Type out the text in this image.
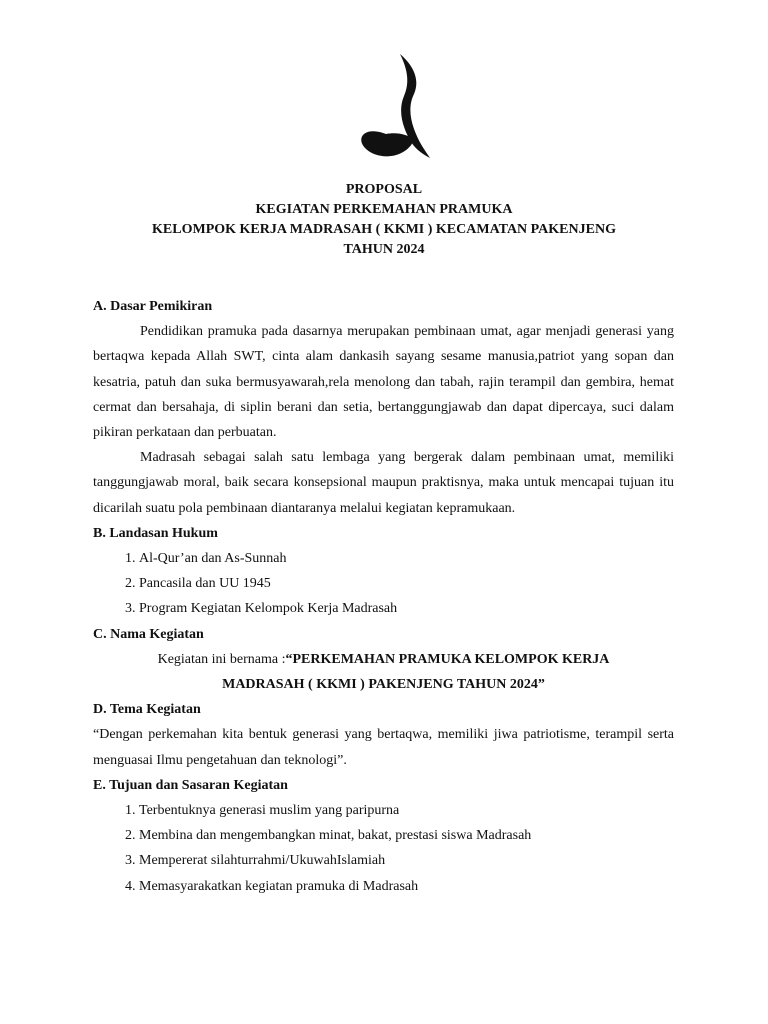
PROPOSAL
KEGIATAN PERKEMAHAN PRAMUKA
KELOMPOK KERJA MADRASAH ( KKMI ) KECAMATAN PAKENJENG
TAHUN 2024

A. Dasar Pemikiran

Pendidikan pramuka pada dasarnya merupakan pembinaan umat, agar menjadi generasi yang bertaqwa kepada Allah SWT, cinta alam dankasih sayang sesame manusia,patriot yang sopan dan kesatria, patuh dan suka bermusyawarah,rela menolong dan tabah, rajin terampil dan gembira, hemat cermat dan bersahaja, di siplin berani dan setia, bertanggungjawab dan dapat dipercaya, suci dalam pikiran perkataan dan perbuatan.

Madrasah sebagai salah satu lembaga yang bergerak dalam pembinaan umat, memiliki tanggungjawab moral, baik secara konsepsional maupun praktisnya, maka untuk mencapai tujuan itu dicarilah suatu pola pembinaan diantaranya melalui kegiatan kepramukaan.

B. Landasan Hukum

1. Al-Qur’an dan As-Sunnah
2. Pancasila dan UU 1945
3. Program Kegiatan Kelompok Kerja Madrasah

C. Nama Kegiatan

Kegiatan ini bernama :“PERKEMAHAN PRAMUKA KELOMPOK KERJA

MADRASAH ( KKMI ) PAKENJENG TAHUN 2024”

D. Tema Kegiatan

“Dengan perkemahan kita bentuk generasi yang bertaqwa, memiliki jiwa patriotisme, terampil serta menguasai Ilmu pengetahuan dan teknologi”.

E. Tujuan dan Sasaran Kegiatan

1. Terbentuknya generasi muslim yang paripurna
2. Membina dan mengembangkan minat, bakat, prestasi siswa Madrasah
3. Mempererat silahturrahmi/UkuwahIslamiah
4. Memasyarakatkan kegiatan pramuka di Madrasah
